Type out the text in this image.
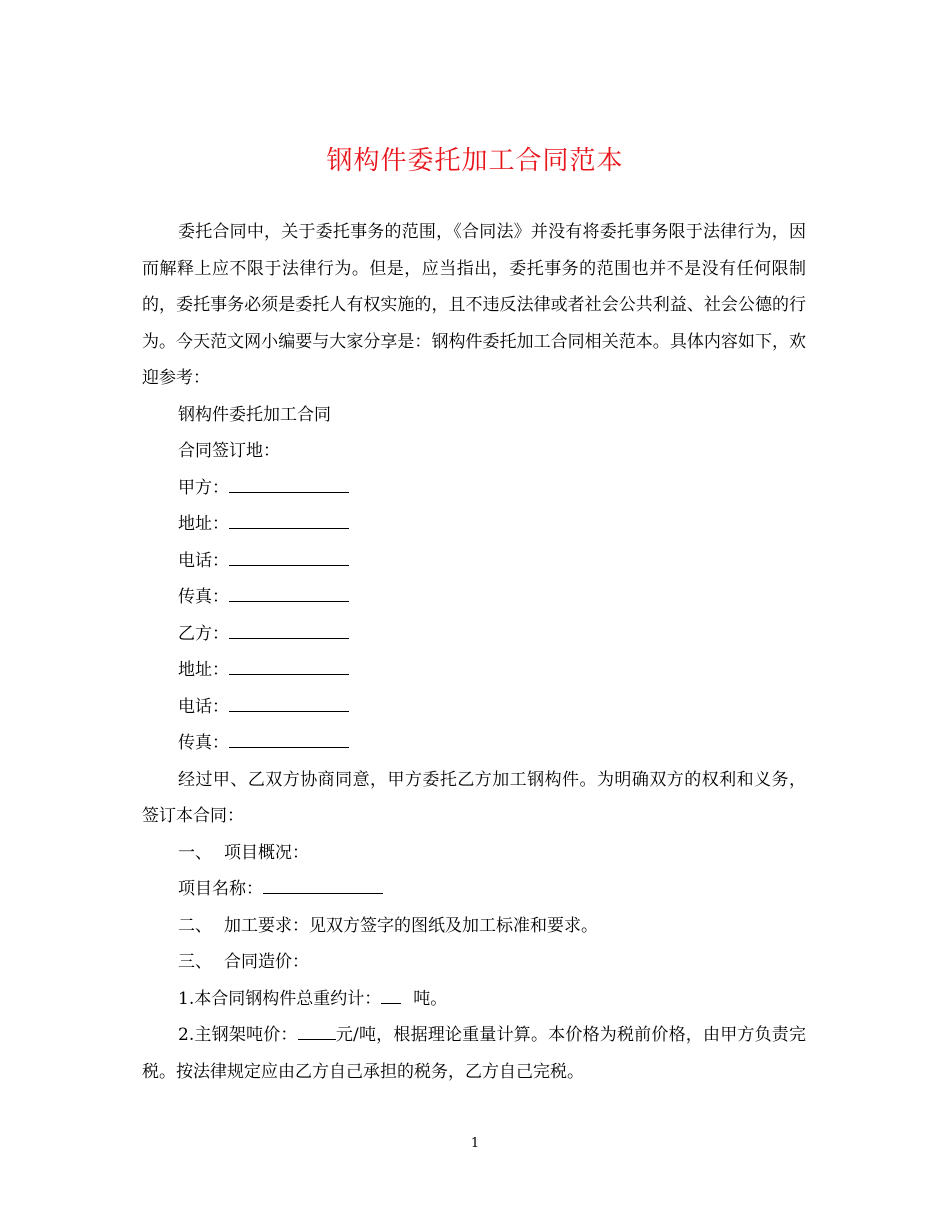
钢构件委托加工合同范本

委托合同中，关于委托事务的范围，《合同法》并没有将委托事务限于法律行为，因而解释上应不限于法律行为。但是，应当指出，委托事务的范围也并不是没有任何限制的，委托事务必须是委托人有权实施的，且不违反法律或者社会公共利益、社会公德的行为。今天范文网小编要与大家分享是：钢构件委托加工合同相关范本。具体内容如下，欢迎参考：

钢构件委托加工合同

合同签订地：

甲方：

地址：

电话：

传真：

乙方：

地址：

电话：

传真：

经过甲、乙双方协商同意，甲方委托乙方加工钢构件。为明确双方的权利和义务，签订本合同：

一、 项目概况：

项目名称：

二、 加工要求：见双方签字的图纸及加工标准和要求。

三、 合同造价：

1.本合同钢构件总重约计： 吨。

2.主钢架吨价： 元/吨，根据理论重量计算。本价格为税前价格，由甲方负责完税。按法律规定应由乙方自己承担的税务，乙方自己完税。

1
